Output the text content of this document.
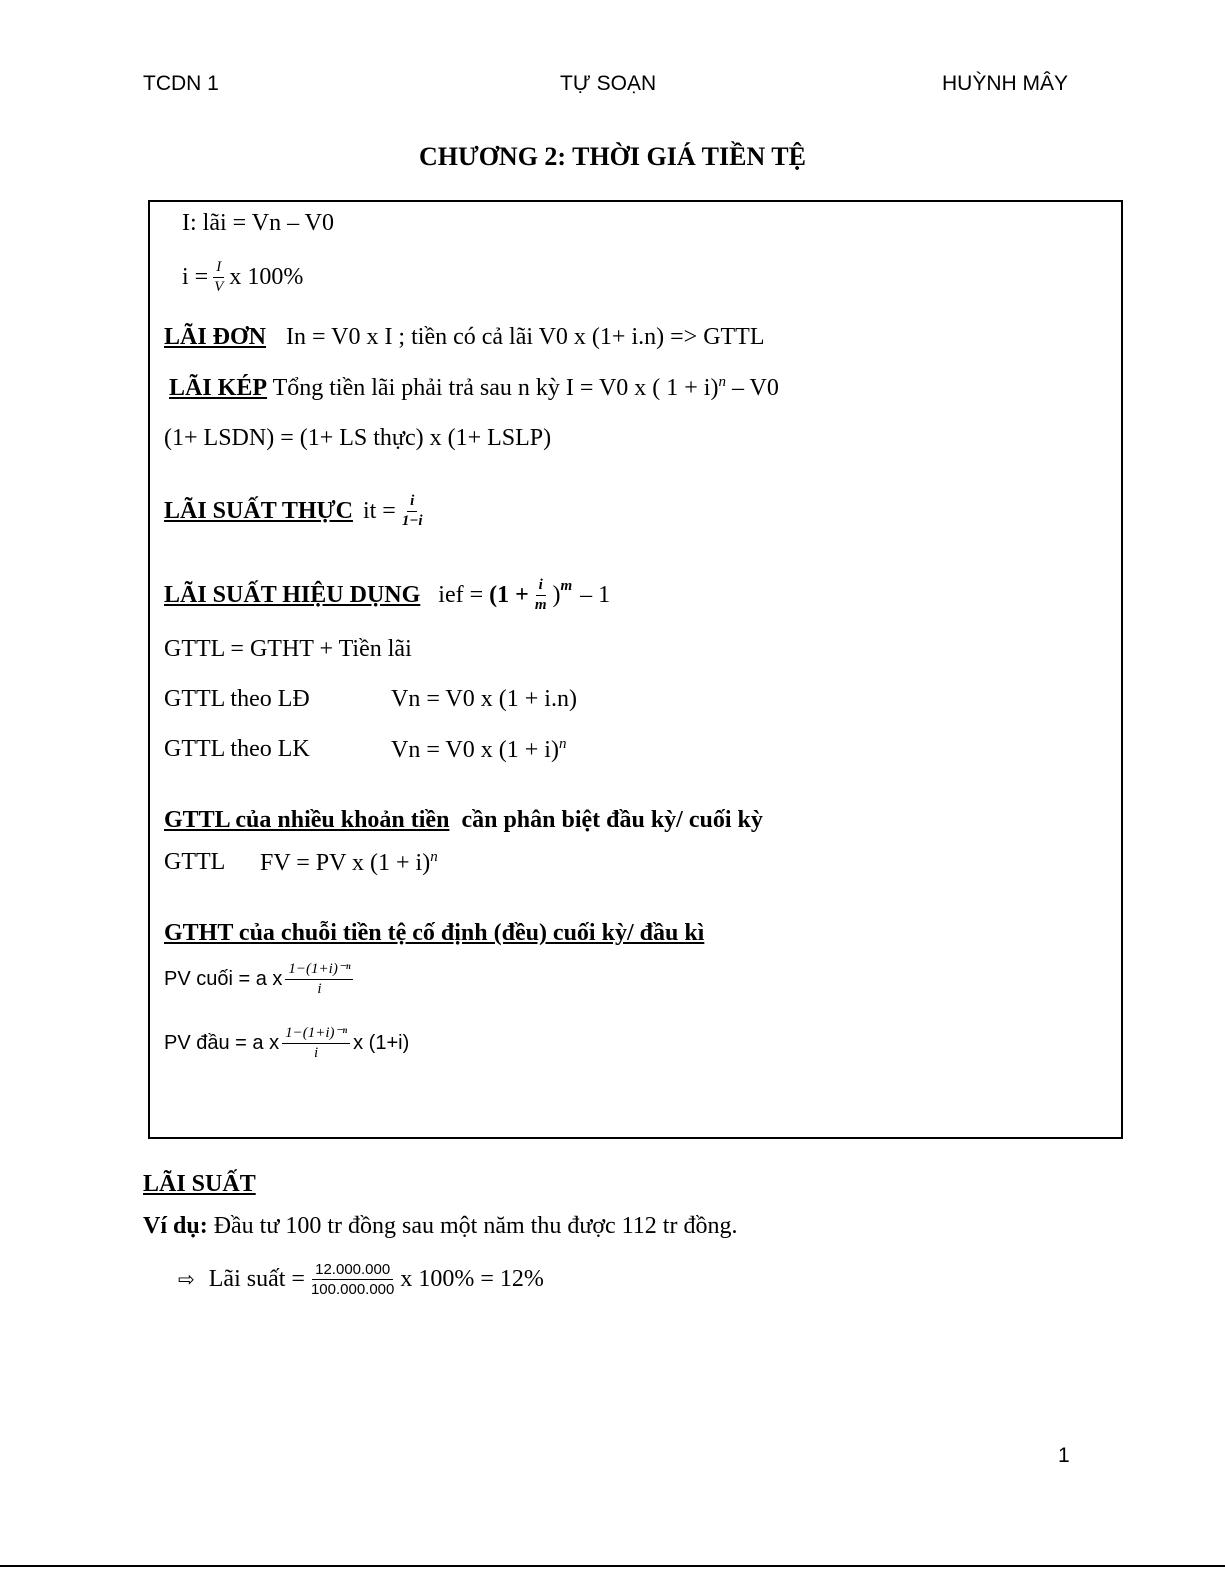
TCDN 1	TỰ SOẠN	HUỲNH MÂY
CHƯƠNG 2: THỜI GIÁ TIỀN TỆ
I: lãi = Vn – V0
$i = \frac{I}{V}$ x 100%
LÃI ĐƠN In = V0 x I ; tiền có cả lãi V0 x (1+ i.n) => GTTL
LÃI KÉP Tổng tiền lãi phải trả sau n kỳ I = V0 x ( 1 + i)$^n$ – V0
(1+ LSDN) = (1+ LS thực) x (1+ LSLP)
LÃI SUẤT THỰC it = $\frac{i}{1-i}$
LÃI SUẤT HIỆU DỤNG ief = $(1 + \frac{i}{m} )^m - 1$
GTTL = GTHT + Tiền lãi
GTTL theo LĐ	Vn = V0 x (1 + i.n)
GTTL theo LK	Vn = V0 x $(1 + i)^n$
GTTL của nhiều khoản tiền cần phân biệt đầu kỳ/ cuối kỳ
GTTL FV = PV x $(1 + i)^n$
GTHT của chuỗi tiền tệ cố định (đều) cuối kỳ/ đầu kì
PV cuối = a x $\frac{\text{1−(1+i)⁻ⁿ}}{i}$
PV đầu = a x $\frac{\text{1−(1+i)⁻ⁿ}}{i}$ x (1+i)
LÃI SUẤT
Ví dụ: Đầu tư 100 tr đồng sau một năm thu được 112 tr đồng.
⇨ Lãi suất = $\frac{12.000.000}{100.000.000}$ x 100% = 12%
1
